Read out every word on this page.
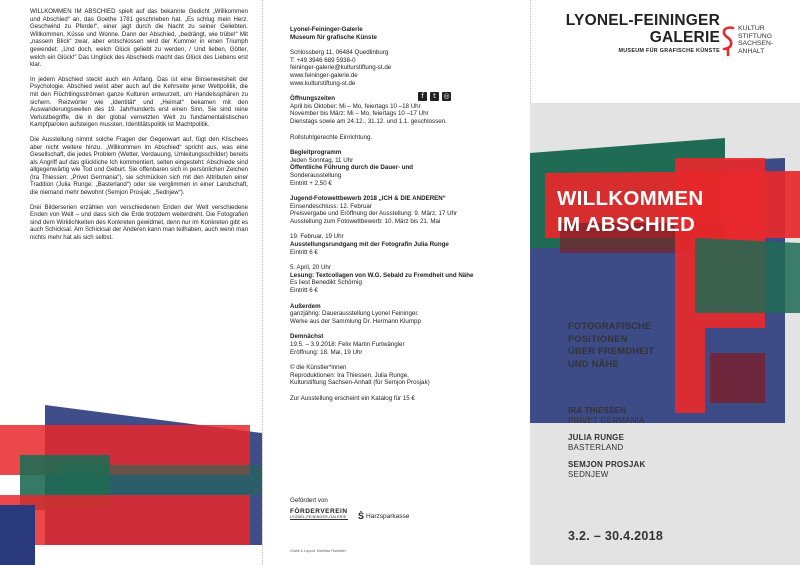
WILLKOMMEN IM ABSCHIED spielt auf das bekannte Gedicht „Willkommen und Abschied“ an, das Goethe 1781 geschrieben hat. „Es schlug mein Herz. Geschwind zu Pferde!“, einer jagt durch die Nacht zu seiner Geliebten. Willkommen, Küsse und Wonne. Dann der Abschied, „bedrängt, wie trübe!“ Mit „nassem Blick“ zwar, aber entschlossen wird der Kummer in einen Triumph gewendet: „Und doch, welch Glück geliebt zu werden, / Und lieben, Götter, welch ein Glück!“ Das Unglück des Abschieds macht das Glück des Liebens erst klar.

In jedem Abschied steckt auch ein Anfang. Das ist eine Binsenweisheit der Psychologie. Abschied weist aber auch auf die Kehrseite jener Weltpolitik, die mit den Flüchtlingsströmen ganze Kulturen entwurzelt, um Handelssphären zu sichern. Reizwörter wie „Identität“ und „Heimat“ bekamen mit den Auswanderungswellen des 19. Jahrhunderts erst einen Sinn. Sie sind reine Verlustbegriffe, die in der global vernetzten Welt zu fundamentalistischen Kampfparolen aufsteigen mussten. Identitätspolitik ist Machtpolitik.

Die Ausstellung nimmt solche Fragen der Gegenwart auf, fügt den Klischees aber nicht weitere hinzu. „Willkommen im Abschied“ spricht aus, was eine Gesellschaft, die jedes Problem (Wetter, Verdauung, Umleitungsschilder) bereits als Angriff auf das glückliche Ich kommentiert, selten eingesteht: Abschiede sind allgegenwärtig wie Tod und Geburt. Sie offenbaren sich in persönlichen Zeichen (Ira Thiessen: „Privet Germania“), sie schmücken sich mit den Attributen einer Tradition (Julia Runge: „Basterland“) oder sie verglimmen in einer Landschaft, die niemand mehr bewohnt (Semjon Prosjak: „Sednjew“).

Drei Bilderserien erzählen von verschiedenen Enden der Welt verschiedene Enden von Welt – und dass sich die Erde trotzdem weiterdreht. Die Fotografien sind dem Wirklichkeiten des Konkreten gewidmet, denn nur im Konkreten gibt es auch Schicksal. Am Schicksal der Anderen kann man teilhaben, auch wenn man nichts mehr hat als sich selbst.

Lyonel-Feininger-Galerie
Museum für grafische Künste
Schlossberg 11, 06484 Quedlinburg
T: +49 3946 689 5938-0
feininger-galerie@kulturstiftung-st.de
www.feininger-galerie.de
www.kulturstiftung-st.de
Öffnungszeiten
April bis Oktober: Mi – Mo, feiertags 10 –18 Uhr
November bis März: Mi – Mo, feiertags 10 –17 Uhr
Dienstags sowie am 24.12., 31.12. und 1.1. geschlossen.
Rollstuhlgerechte Einrichtung.
Begleitprogramm
Jeden Sonntag, 11 Uhr
Öffentliche Führung durch die Dauer- und
Sonderausstellung
Eintritt + 2,50 €
Jugend-Fotowettbewerb 2018 „ICH & DIE ANDEREN“
Einsendeschluss: 12. Februar
Preisvergabe und Eröffnung der Ausstellung: 9. März, 17 Uhr
Ausstellung zum Fotowettbewerb: 10. März bis 21. Mai
19. Februar, 19 Uhr
Ausstellungsrundgang mit der Fotografin Julia Runge
Eintritt 6 €
5. April, 20 Uhr
Lesung: Textcollagen von W.G. Sebald zu Fremdheit und Nähe
Es liest Benedikt Schörnig
Eintritt 6 €
Außerdem
ganzjährig: Dauerausstellung Lyonel Feininger.
Werke aus der Sammlung Dr. Hermann Klumpp
Demnächst
19.5. – 3.9.2018: Felix Martin Furtwängler
Eröffnung: 18. Mai, 19 Uhr
© die Künstler*innen
Reproduktionen: Ira Thiessen, Julia Runge,
Kulturstiftung Sachsen-Anhalt (für Semjon Prosjak)
Zur Ausstellung erscheint ein Katalog für 15 €
f	t	◎
Gefördert von
FÖRDERVEREIN
LYONEL-FEININGER-GALERIE Ṡ Harzsparkasse
Grafik & Layout: Matthias Rastatter
LYONEL-FEININGER
GALERIE
MUSEUM FÜR GRAFISCHE KÜNSTE
KULTUR
STIFTUNG
SACHSEN-
ANHALT
WILLKOMMEN
IM ABSCHIED
FOTOGRAFISCHE
POSITIONEN
ÜBER FREMDHEIT
UND NÄHE
IRA THIESSEN
PRIVET GERMANIA
JULIA RUNGE
BASTERLAND
SEMJON PROSJAK
SEDNJEW
3.2. – 30.4.2018
